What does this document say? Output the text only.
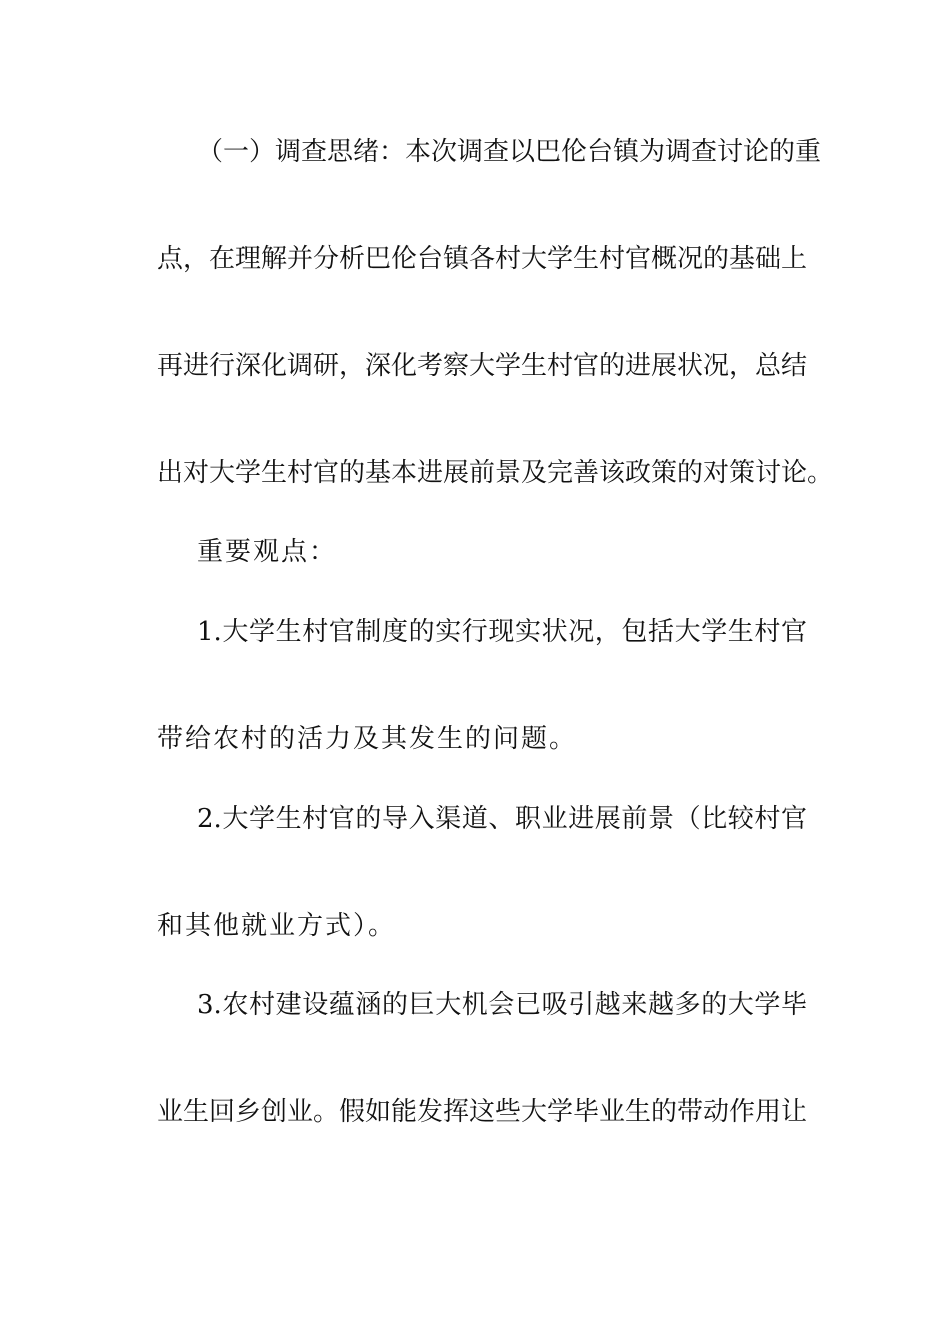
（一）调查思绪：本次调查以巴伦台镇为调查讨论的重
点，在理解并分析巴伦台镇各村大学生村官概况的基础上
再进行深化调研，深化考察大学生村官的进展状况，总结
出对大学生村官的基本进展前景及完善该政策的对策讨论。
重要观点：
1.大学生村官制度的实行现实状况，包括大学生村官
带给农村的活力及其发生的问题。
2.大学生村官的导入渠道、职业进展前景（比较村官
和其他就业方式）。
3.农村建设蕴涵的巨大机会已吸引越来越多的大学毕
业生回乡创业。假如能发挥这些大学毕业生的带动作用让
